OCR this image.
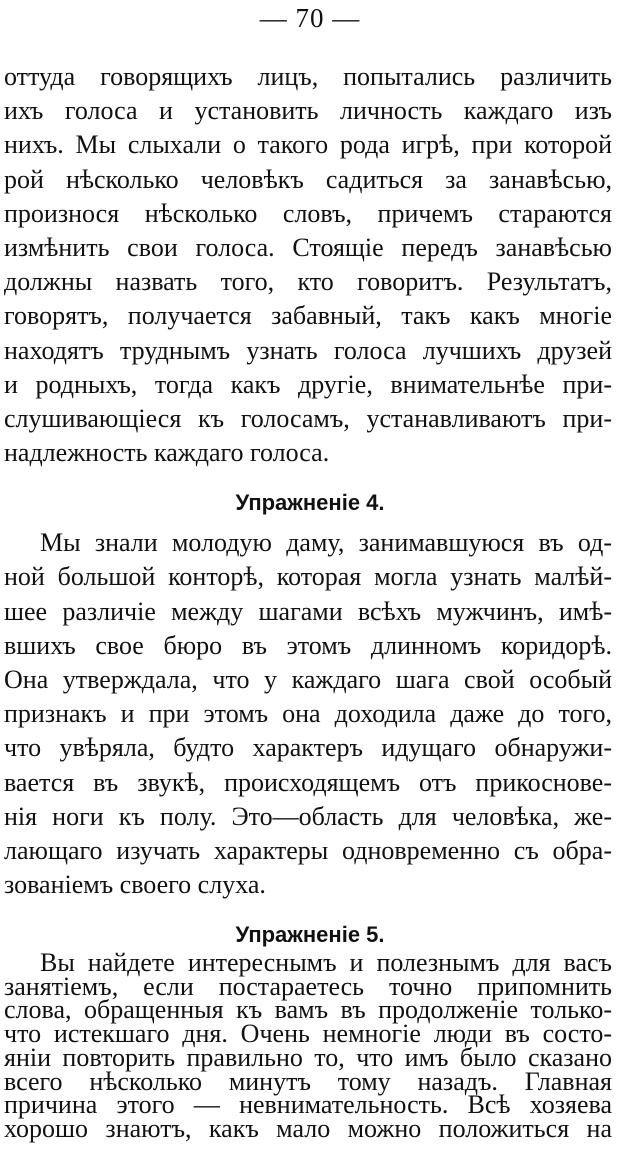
— 70 —
оттуда говорящихъ лицъ, попытались различить
ихъ голоса и установить личность каждаго изъ
нихъ. Мы слыхали о такого рода игрѣ, при которой
рой нѣсколько человѣкъ садиться за занавѣсью,
произнося нѣсколько словъ, причемъ стараются
измѣнить свои голоса. Стоящіе передъ занавѣсью
должны назвать того, кто говоритъ. Результатъ,
говорятъ, получается забавный, такъ какъ многіе
находятъ труднымъ узнать голоса лучшихъ друзей
и родныхъ, тогда какъ другіе, внимательнѣе при-
слушивающіеся къ голосамъ, устанавливаютъ при-
надлежность каждаго голоса.
Упражненіе 4.
Мы знали молодую даму, занимавшуюся въ од-
ной большой конторѣ, которая могла узнать малѣй-
шее различіе между шагами всѣхъ мужчинъ, имѣ-
вшихъ свое бюро въ этомъ длинномъ коридорѣ.
Она утверждала, что у каждаго шага свой особый
признакъ и при этомъ она доходила даже до того,
что увѣряла, будто характеръ идущаго обнаружи-
вается въ звукѣ, происходящемъ отъ прикоснове-
нія ноги къ полу. Это—область для человѣка, же-
лающаго изучать характеры одновременно съ обра-
зованіемъ своего слуха.
Упражненіе 5.
Вы найдете интереснымъ и полезнымъ для васъ
занятіемъ, если постараетесь точно припомнить
слова, обращенныя къ вамъ въ продолженіе только-
что истекшаго дня. Очень немногіе люди въ состо-
яніи повторить правильно то, что имъ было сказано
всего нѣсколько минутъ тому назадъ. Главная
причина этого — невнимательность. Всѣ хозяева
хорошо знаютъ, какъ мало можно положиться на
